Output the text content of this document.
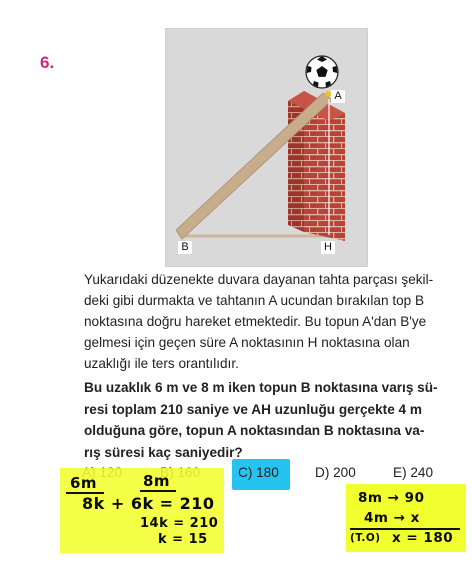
6.
A
B	H
Yukarıdaki düzenekte duvara dayanan tahta parçası şekil-
deki gibi durmakta ve tahtanın A ucundan bırakılan top B
noktasına doğru hareket etmektedir. Bu topun A'dan B'ye
gelmesi için geçen süre A noktasının H noktasına olan
uzaklığı ile ters orantılıdır.
Bu uzaklık 6 m ve 8 m iken topun B noktasına varış sü-
resi toplam 210 saniye ve AH uzunluğu gerçekte 4 m
olduğuna göre, topun A noktasından B noktasına va-
rış süresi kaç saniyedir?
C) 180	D) 200	E) 240
6m	8m
8k + 6k = 210
14k = 210
k = 15
8m → 90
4m → x
(T.O) x = 180
